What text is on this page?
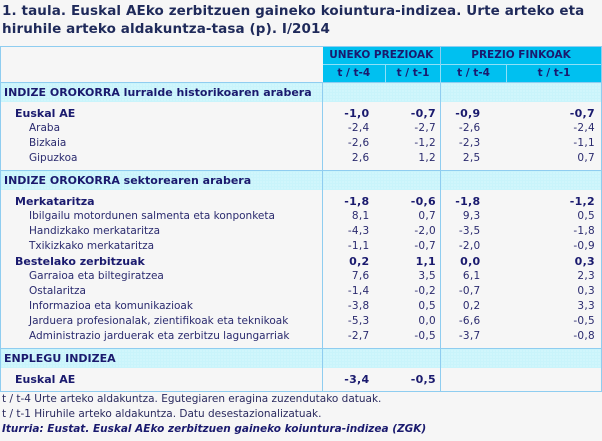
1. taula. Euskal AEko zerbitzuen gaineko koiuntura-indizea. Urte arteko eta hiruhile arteko aldakuntza-tasa (p). I/2014
	UNEKO PREZIOAK		PREZIO FINKOAK	
	t / t-4	t / t-1	t / t-4	t / t-1
INDIZE OROKORRA lurralde historikoaren arabera				
Euskal AE	-1,0	-0,7	-0,9	-0,7
Araba	-2,4	-2,7	-2,6	-2,4
Bizkaia	-2,6	-1,2	-2,3	-1,1
Gipuzkoa	2,6	1,2	2,5	0,7
INDIZE OROKORRA sektorearen arabera				
Merkataritza	-1,8	-0,6	-1,8	-1,2
Ibilgailu motordunen salmenta eta konponketa	8,1	0,7	9,3	0,5
Handizkako merkataritza	-4,3	-2,0	-3,5	-1,8
Txikizkako merkataritza	-1,1	-0,7	-2,0	-0,9
Bestelako zerbitzuak	0,2	1,1	0,0	0,3
Garraioa eta biltegiratzea	7,6	3,5	6,1	2,3
Ostalaritza	-1,4	-0,2	-0,7	0,3
Informazioa eta komunikazioak	-3,8	0,5	0,2	3,3
Jarduera profesionalak, zientifikoak eta teknikoak	-5,3	0,0	-6,6	-0,5
Administrazio jarduerak eta zerbitzu lagungarriak	-2,7	-0,5	-3,7	-0,8
ENPLEGU INDIZEA				
Euskal AE	-3,4	-0,5		
t / t-4 Urte arteko aldakuntza. Egutegiaren eragina zuzendutako datuak.
t / t-1 Hiruhile arteko aldakuntza. Datu desestazionalizatuak.
Iturria: Eustat. Euskal AEko zerbitzuen gaineko koiuntura-indizea (ZGK)
